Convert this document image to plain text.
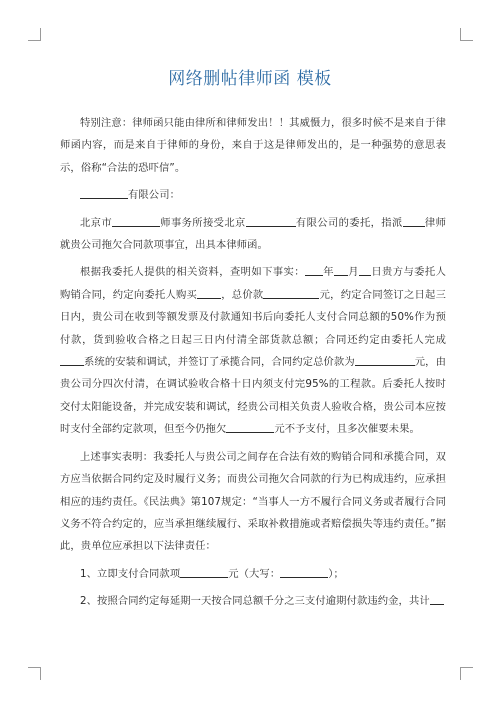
网络删帖律师函 模板

特别注意：律师函只能由律所和律师发出！！其威慑力，很多时候不是来自于律师函内容，而是来自于律师的身份，来自于这是律师发出的，是一种强势的意思表示，俗称“合法的恐吓信”。

有限公司：

北京市	师事务所接受北京	有限公司的委托，指派 律师就贵公司拖欠合同款项事宜，出具本律师函。

根据我委托人提供的相关资料，查明如下事实： 年 月 日贵方与委托人购销合同，约定向委托人购买 ，总价款	元，约定合同签订之日起三日内，贵公司在收到等额发票及付款通知书后向委托人支付合同总额的50%作为预付款，货到验收合格之日起三日内付清全部货款总额；合同还约定由委托人完成系统的安装和调试，并签订了承揽合同，合同约定总价款为	元，由贵公司分四次付清，在调试验收合格十日内须支付完95%的工程款。后委托人按时交付太阳能设备，并完成安装和调试，经贵公司相关负责人验收合格，贵公司本应按时支付全部约定款项，但至今仍拖欠	元不予支付，且多次催要未果。

上述事实表明：我委托人与贵公司之间存在合法有效的购销合同和承揽合同，双方应当依据合同约定及时履行义务；而贵公司拖欠合同款的行为已构成违约，应承担相应的违约责任。《民法典》第107规定：“当事人一方不履行合同义务或者履行合同义务不符合约定的，应当承担继续履行、采取补救措施或者赔偿损失等违约责任。”据此，贵单位应承担以下法律责任：

1、立即支付合同款项	元（大写：	）；

2、按照合同约定每延期一天按合同总额千分之三支付逾期付款违约金，共计
